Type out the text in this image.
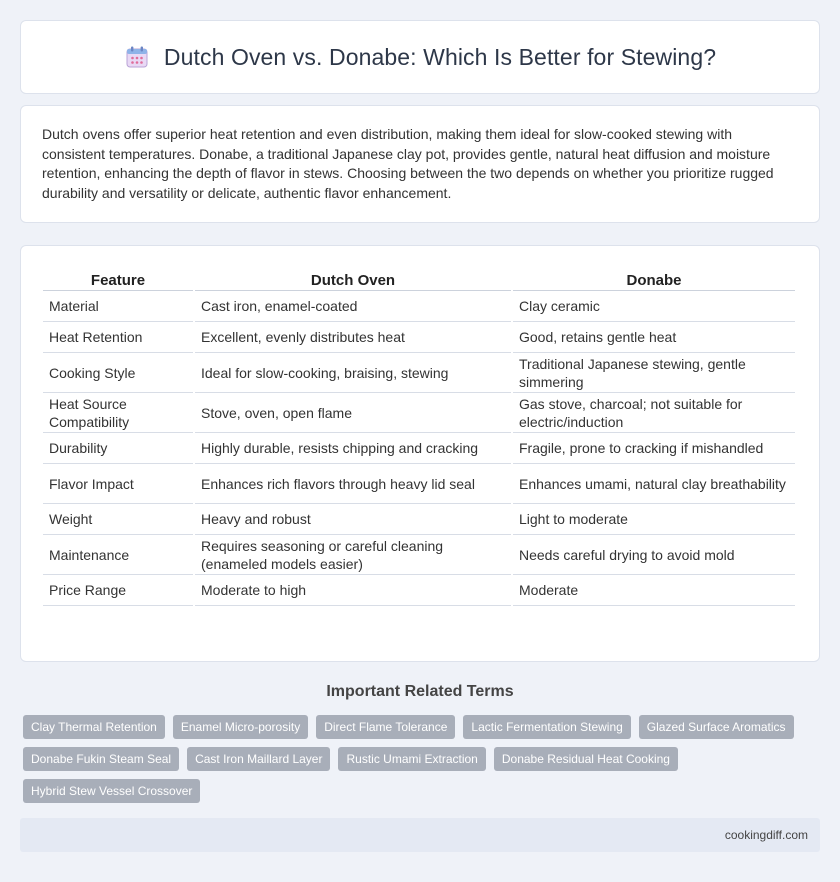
Dutch Oven vs. Donabe: Which Is Better for Stewing?

Dutch ovens offer superior heat retention and even distribution, making them ideal for slow-cooked stewing with consistent temperatures. Donabe, a traditional Japanese clay pot, provides gentle, natural heat diffusion and moisture retention, enhancing the depth of flavor in stews. Choosing between the two depends on whether you prioritize rugged durability and versatility or delicate, authentic flavor enhancement.

Feature	Dutch Oven	Donabe
Material	Cast iron, enamel-coated	Clay ceramic
Heat Retention	Excellent, evenly distributes heat	Good, retains gentle heat
Cooking Style	Ideal for slow-cooking, braising, stewing	Traditional Japanese stewing, gentle simmering
Heat Source Compatibility	Stove, oven, open flame	Gas stove, charcoal; not suitable for electric/induction
Durability	Highly durable, resists chipping and cracking	Fragile, prone to cracking if mishandled
Flavor Impact	Enhances rich flavors through heavy lid seal	Enhances umami, natural clay breathability
Weight	Heavy and robust	Light to moderate
Maintenance	Requires seasoning or careful cleaning (enameled models easier)	Needs careful drying to avoid mold
Price Range	Moderate to high	Moderate
Important Related Terms
Clay Thermal Retention	Enamel Micro-porosity	Direct Flame Tolerance	Lactic Fermentation Stewing	Glazed Surface Aromatics
Donabe Fukin Steam Seal	Cast Iron Maillard Layer	Rustic Umami Extraction	Donabe Residual Heat Cooking
Hybrid Stew Vessel Crossover
cookingdiff.com
